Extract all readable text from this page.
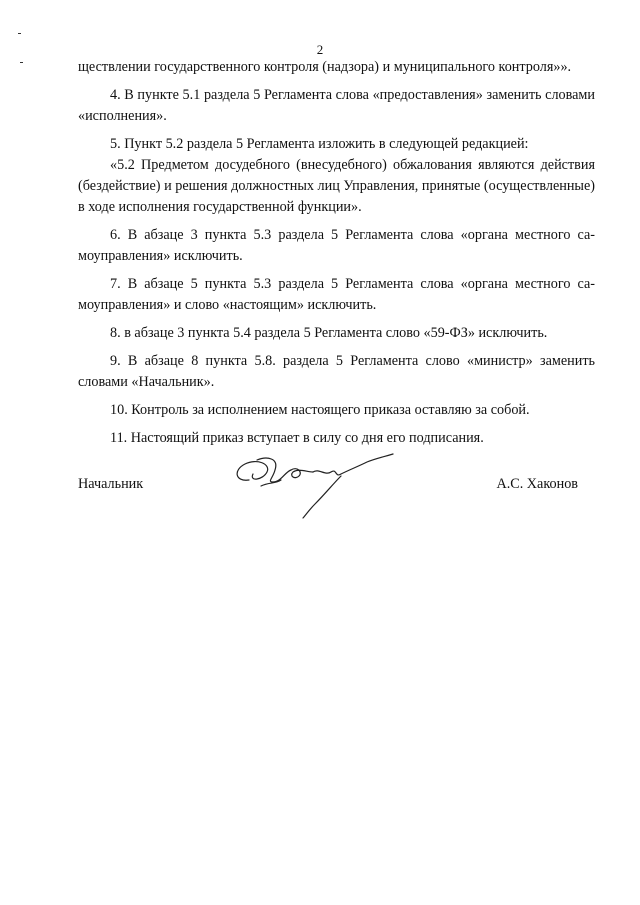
2

ществлении государственного контроля (надзора) и муниципального контроля»».

4. В пункте 5.1 раздела 5 Регламента слова «предоставления» заменить словами «исполнения».

5. Пункт 5.2 раздела 5 Регламента изложить в следующей редакцией:

«5.2 Предметом досудебного (внесудебного) обжалования являются действия (бездействие) и решения должностных лиц Управления, принятые (осуществленные) в ходе исполнения государственной функции».

6. В абзаце 3 пункта 5.3 раздела 5 Регламента слова «органа местного самоуправления» исключить.

7. В абзаце 5 пункта 5.3 раздела 5 Регламента слова «органа местного самоуправления» и слово «настоящим» исключить.

8. в абзаце 3 пункта 5.4 раздела 5 Регламента слово «59-ФЗ» исключить.

9. В абзаце 8 пункта 5.8. раздела 5 Регламента слово «министр» заменить словами «Начальник».

10. Контроль за исполнением настоящего приказа оставляю за собой.

11. Настоящий приказ вступает в силу со дня его подписания.

Начальник	А.С. Хаконов
